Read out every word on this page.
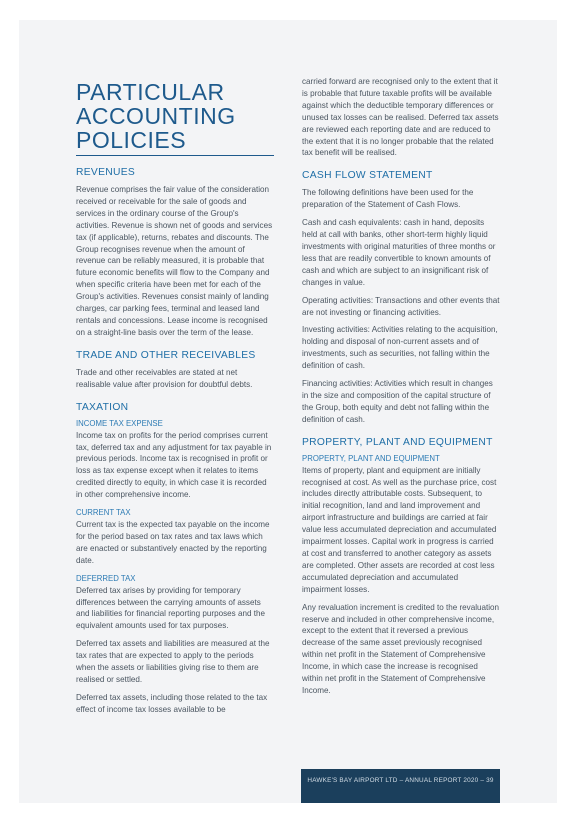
PARTICULAR
ACCOUNTING
POLICIES
REVENUES

Revenue comprises the fair value of the consideration received or receivable for the sale of goods and services in the ordinary course of the Group's activities. Revenue is shown net of goods and services tax (if applicable), returns, rebates and discounts. The Group recognises revenue when the amount of revenue can be reliably measured, it is probable that future economic benefits will flow to the Company and when specific criteria have been met for each of the Group's activities. Revenues consist mainly of landing charges, car parking fees, terminal and leased land rentals and concessions. Lease income is recognised on a straight-line basis over the term of the lease.

TRADE AND OTHER RECEIVABLES

Trade and other receivables are stated at net realisable value after provision for doubtful debts.

TAXATION
INCOME TAX EXPENSE

Income tax on profits for the period comprises current tax, deferred tax and any adjustment for tax payable in previous periods. Income tax is recognised in profit or loss as tax expense except when it relates to items credited directly to equity, in which case it is recorded in other comprehensive income.

CURRENT TAX

Current tax is the expected tax payable on the income for the period based on tax rates and tax laws which are enacted or substantively enacted by the reporting date.

DEFERRED TAX

Deferred tax arises by providing for temporary differences between the carrying amounts of assets and liabilities for financial reporting purposes and the equivalent amounts used for tax purposes.

Deferred tax assets and liabilities are measured at the tax rates that are expected to apply to the periods when the assets or liabilities giving rise to them are realised or settled.

Deferred tax assets, including those related to the tax effect of income tax losses available to be

carried forward are recognised only to the extent that it is probable that future taxable profits will be available against which the deductible temporary differences or unused tax losses can be realised. Deferred tax assets are reviewed each reporting date and are reduced to the extent that it is no longer probable that the related tax benefit will be realised.

CASH FLOW STATEMENT

The following definitions have been used for the preparation of the Statement of Cash Flows.

Cash and cash equivalents: cash in hand, deposits held at call with banks, other short-term highly liquid investments with original maturities of three months or less that are readily convertible to known amounts of cash and which are subject to an insignificant risk of changes in value.

Operating activities: Transactions and other events that are not investing or financing activities.

Investing activities: Activities relating to the acquisition, holding and disposal of non-current assets and of investments, such as securities, not falling within the definition of cash.

Financing activities: Activities which result in changes in the size and composition of the capital structure of the Group, both equity and debt not falling within the definition of cash.

PROPERTY, PLANT AND EQUIPMENT
PROPERTY, PLANT AND EQUIPMENT

Items of property, plant and equipment are initially recognised at cost. As well as the purchase price, cost includes directly attributable costs. Subsequent, to initial recognition, land and land improvement and airport infrastructure and buildings are carried at fair value less accumulated depreciation and accumulated impairment losses. Capital work in progress is carried at cost and transferred to another category as assets are completed. Other assets are recorded at cost less accumulated depreciation and accumulated impairment losses.

Any revaluation increment is credited to the revaluation reserve and included in other comprehensive income, except to the extent that it reversed a previous decrease of the same asset previously recognised within net profit in the Statement of Comprehensive Income, in which case the increase is recognised within net profit in the Statement of Comprehensive Income.

HAWKE'S BAY AIRPORT LTD – ANNUAL REPORT 2020 – 39
